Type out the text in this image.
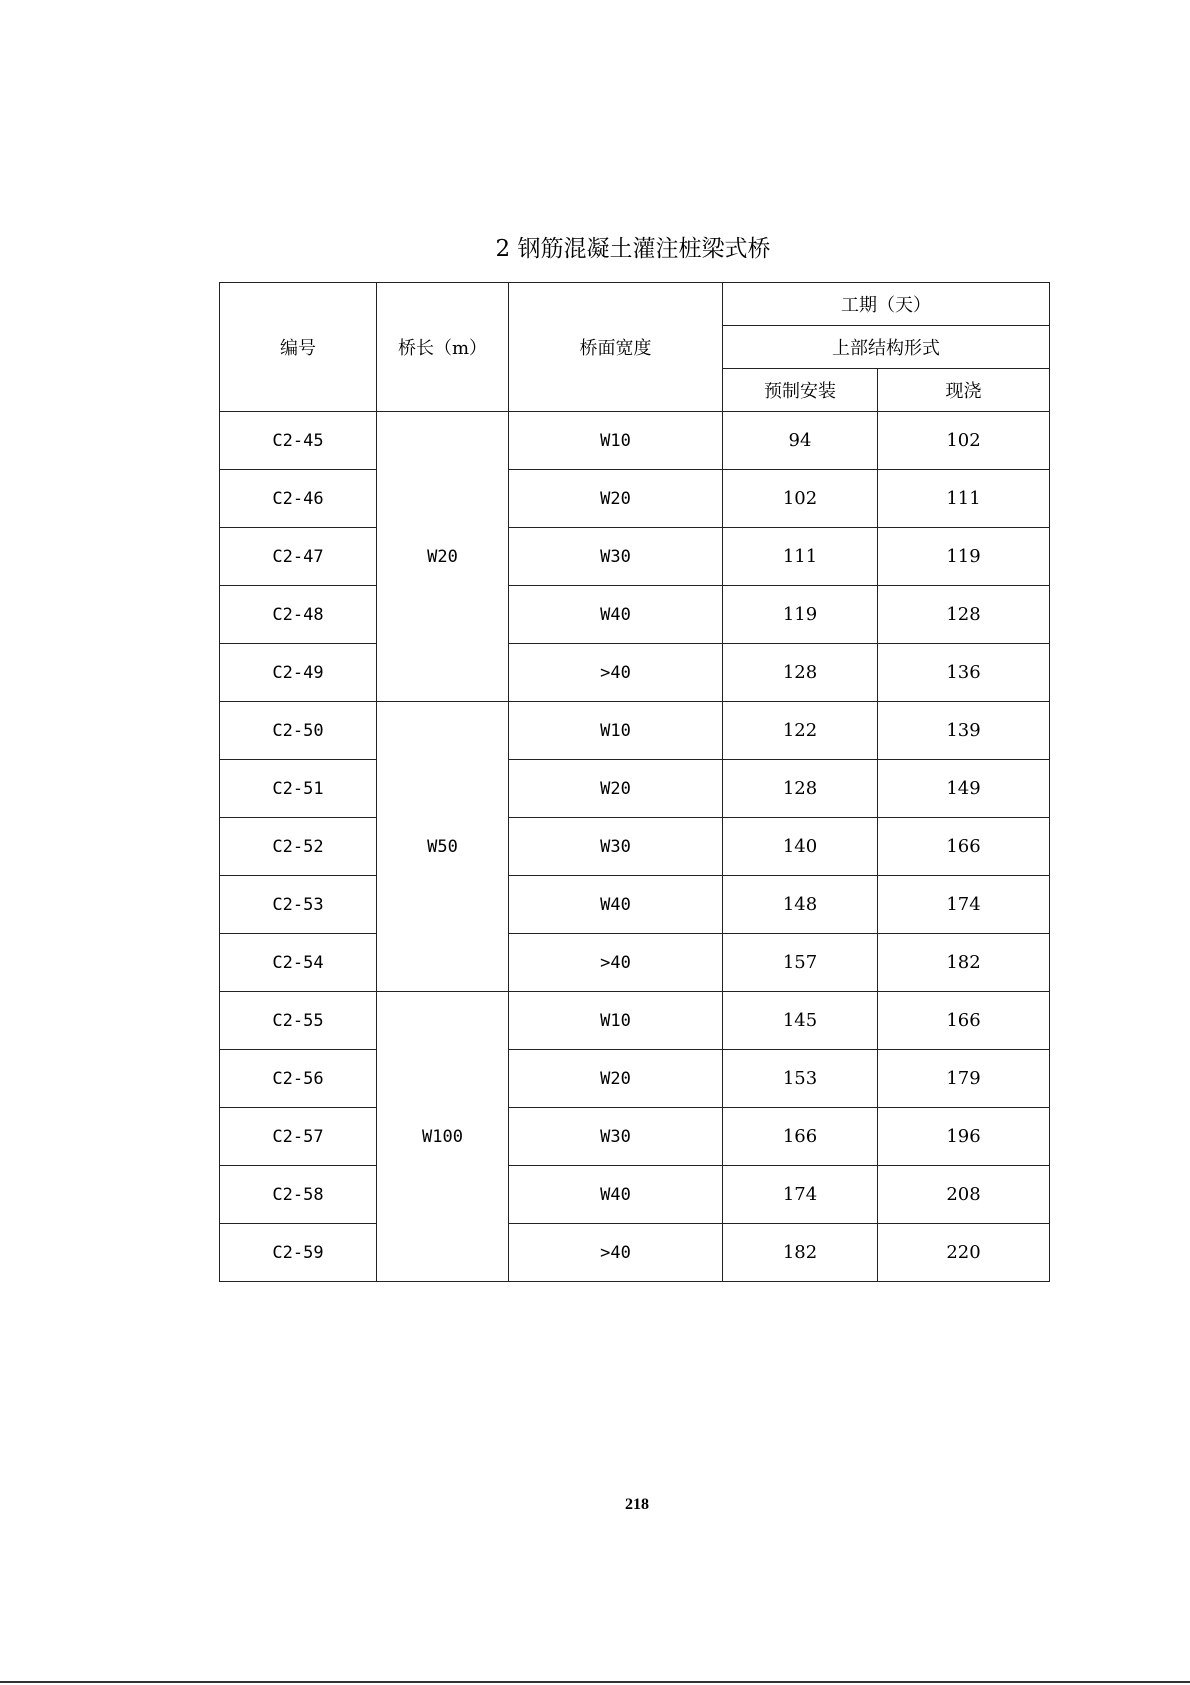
2 钢筋混凝土灌注桩梁式桥
编号	桥长（m）	桥面宽度	工期（天）	
			上部结构形式	
			预制安装	现浇
C2-45	W20	W10	94	102
C2-46		W20	102	111
C2-47		W30	111	119
C2-48		W40	119	128
C2-49		>40	128	136
C2-50	W50	W10	122	139
C2-51		W20	128	149
C2-52		W30	140	166
C2-53		W40	148	174
C2-54		>40	157	182
C2-55	W100	W10	145	166
C2-56		W20	153	179
C2-57		W30	166	196
C2-58		W40	174	208
C2-59		>40	182	220
218
